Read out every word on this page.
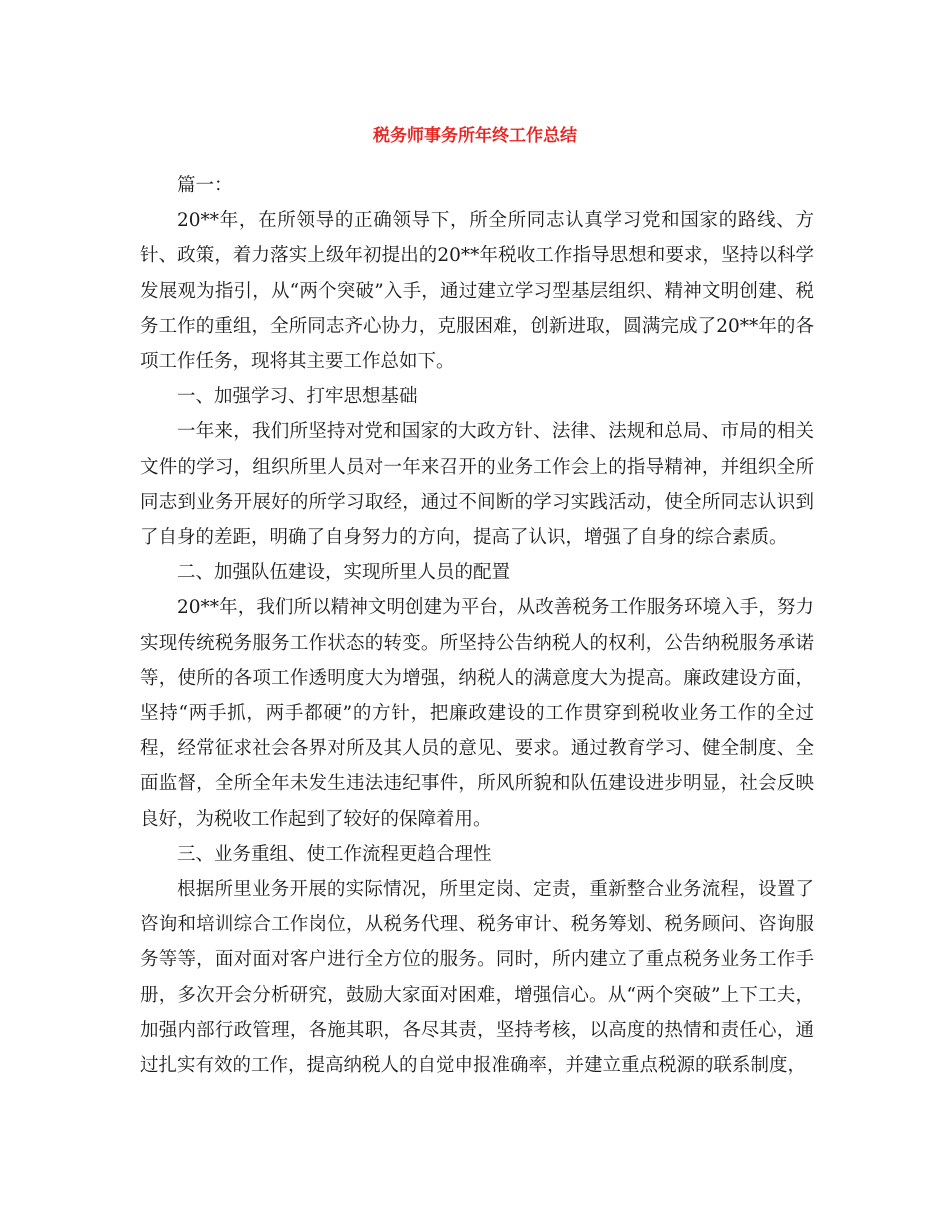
税务师事务所年终工作总结

篇一：

20**年，在所领导的正确领导下，所全所同志认真学习党和国家的路线、方针、政策，着力落实上级年初提出的20**年税收工作指导思想和要求，坚持以科学发展观为指引，从“两个突破”入手，通过建立学习型基层组织、精神文明创建、税务工作的重组，全所同志齐心协力，克服困难，创新进取，圆满完成了20**年的各项工作任务，现将其主要工作总如下。

一、加强学习、打牢思想基础

一年来，我们所坚持对党和国家的大政方针、法律、法规和总局、市局的相关文件的学习，组织所里人员对一年来召开的业务工作会上的指导精神，并组织全所同志到业务开展好的所学习取经，通过不间断的学习实践活动，使全所同志认识到了自身的差距，明确了自身努力的方向，提高了认识，增强了自身的综合素质。

二、加强队伍建设，实现所里人员的配置

20**年，我们所以精神文明创建为平台，从改善税务工作服务环境入手，努力实现传统税务服务工作状态的转变。所坚持公告纳税人的权利，公告纳税服务承诺等，使所的各项工作透明度大为增强，纳税人的满意度大为提高。廉政建设方面，坚持“两手抓，两手都硬”的方针，把廉政建设的工作贯穿到税收业务工作的全过程，经常征求社会各界对所及其人员的意见、要求。通过教育学习、健全制度、全面监督，全所全年未发生违法违纪事件，所风所貌和队伍建设进步明显，社会反映良好，为税收工作起到了较好的保障着用。

三、业务重组、使工作流程更趋合理性

根据所里业务开展的实际情况，所里定岗、定责，重新整合业务流程，设置了咨询和培训综合工作岗位，从税务代理、税务审计、税务筹划、税务顾问、咨询服务等等，面对面对客户进行全方位的服务。同时，所内建立了重点税务业务工作手册，多次开会分析研究，鼓励大家面对困难，增强信心。从“两个突破”上下工夫，加强内部行政管理，各施其职，各尽其责，坚持考核，以高度的热情和责任心，通过扎实有效的工作，提高纳税人的自觉申报准确率，并建立重点税源的联系制度，
